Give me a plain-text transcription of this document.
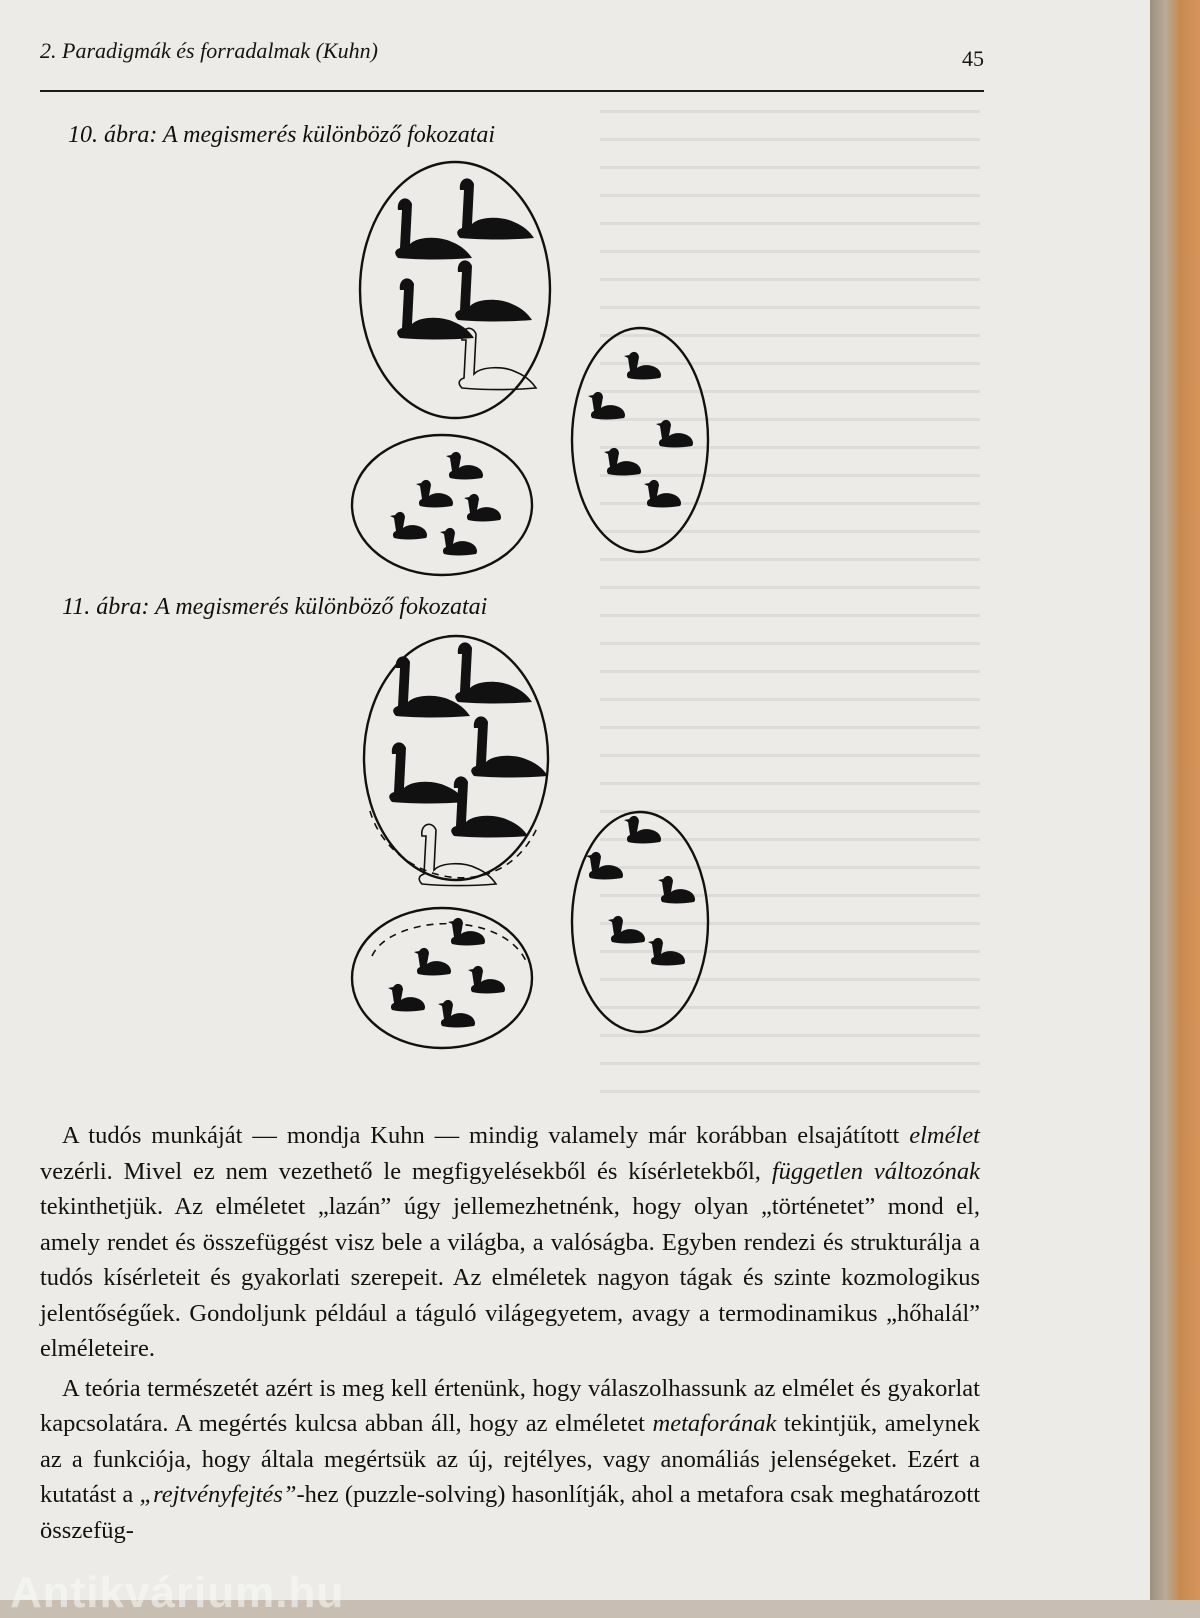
2. Paradigmák és forradalmak (Kuhn)	45
10. ábra: A megismerés különböző fokozatai
11. ábra: A megismerés különböző fokozatai

A tudós munkáját — mondja Kuhn — mindig valamely már korábban elsajátított elmélet vezérli. Mivel ez nem vezethető le megfigyelésekből és kísérletekből, független változónak tekinthetjük. Az elméletet „lazán” úgy jellemezhetnénk, hogy olyan „történetet” mond el, amely rendet és összefüggést visz bele a világba, a valóságba. Egyben rendezi és strukturálja a tudós kísérleteit és gyakorlati szerepeit. Az elméletek nagyon tágak és szinte kozmologikus jelentőségűek. Gondoljunk például a táguló világegyetem, avagy a termodinamikus „hőhalál” elméleteire.

A teória természetét azért is meg kell értenünk, hogy válaszolhassunk az elmélet és gyakorlat kapcsolatára. A megértés kulcsa abban áll, hogy az elméletet metaforának tekintjük, amelynek az a funkciója, hogy általa megértsük az új, rejtélyes, vagy anomáliás jelenségeket. Ezért a kutatást a „rejtvényfejtés”-hez (puzzle-solving) hasonlítják, ahol a metafora csak meghatározott összefüg-

Antikvárium.hu
